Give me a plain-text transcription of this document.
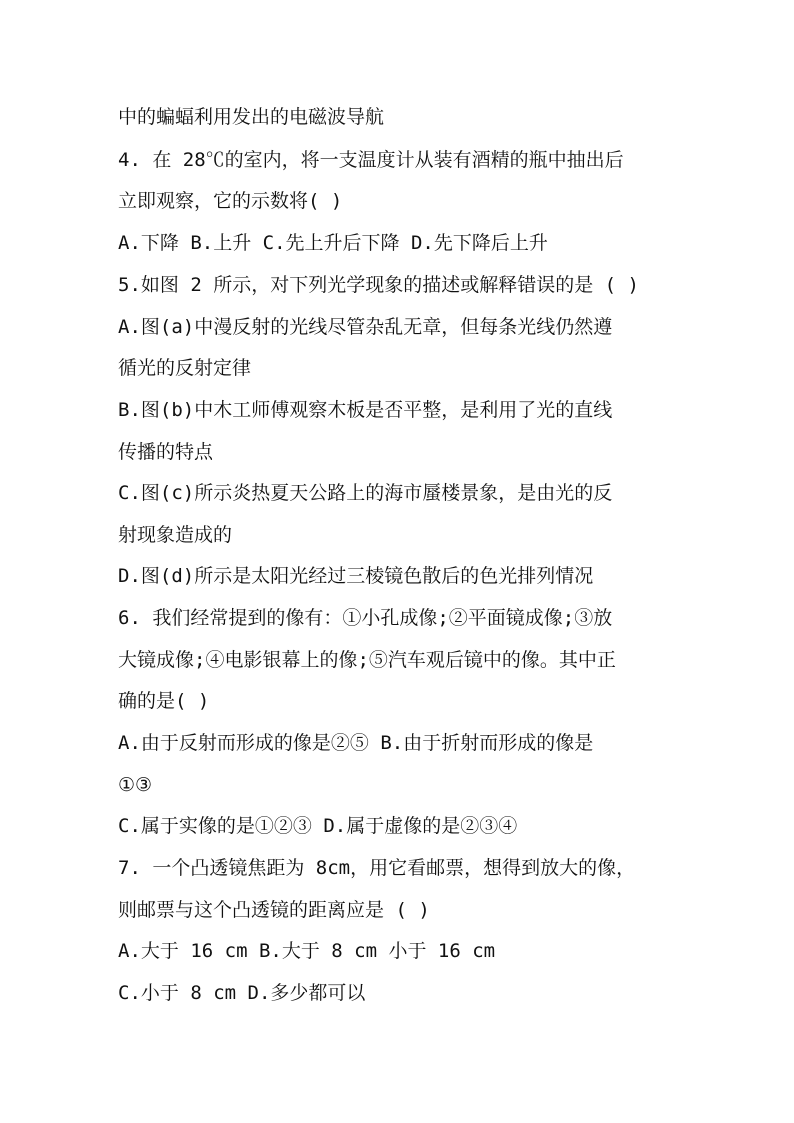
中的蝙蝠利用发出的电磁波导航
4. 在 28℃的室内，将一支温度计从装有酒精的瓶中抽出后
立即观察，它的示数将( )
A.下降 B.上升 C.先上升后下降 D.先下降后上升
5.如图 2 所示，对下列光学现象的描述或解释错误的是 ( )
A.图(a)中漫反射的光线尽管杂乱无章，但每条光线仍然遵
循光的反射定律
B.图(b)中木工师傅观察木板是否平整，是利用了光的直线
传播的特点
C.图(c)所示炎热夏天公路上的海市蜃楼景象，是由光的反
射现象造成的
D.图(d)所示是太阳光经过三棱镜色散后的色光排列情况
6. 我们经常提到的像有：①小孔成像;②平面镜成像;③放
大镜成像;④电影银幕上的像;⑤汽车观后镜中的像。其中正
确的是( )
A.由于反射而形成的像是②⑤ B.由于折射而形成的像是
①③
C.属于实像的是①②③ D.属于虚像的是②③④
7. 一个凸透镜焦距为 8cm，用它看邮票，想得到放大的像，
则邮票与这个凸透镜的距离应是 ( )
A.大于 16 cm B.大于 8 cm 小于 16 cm
C.小于 8 cm D.多少都可以
